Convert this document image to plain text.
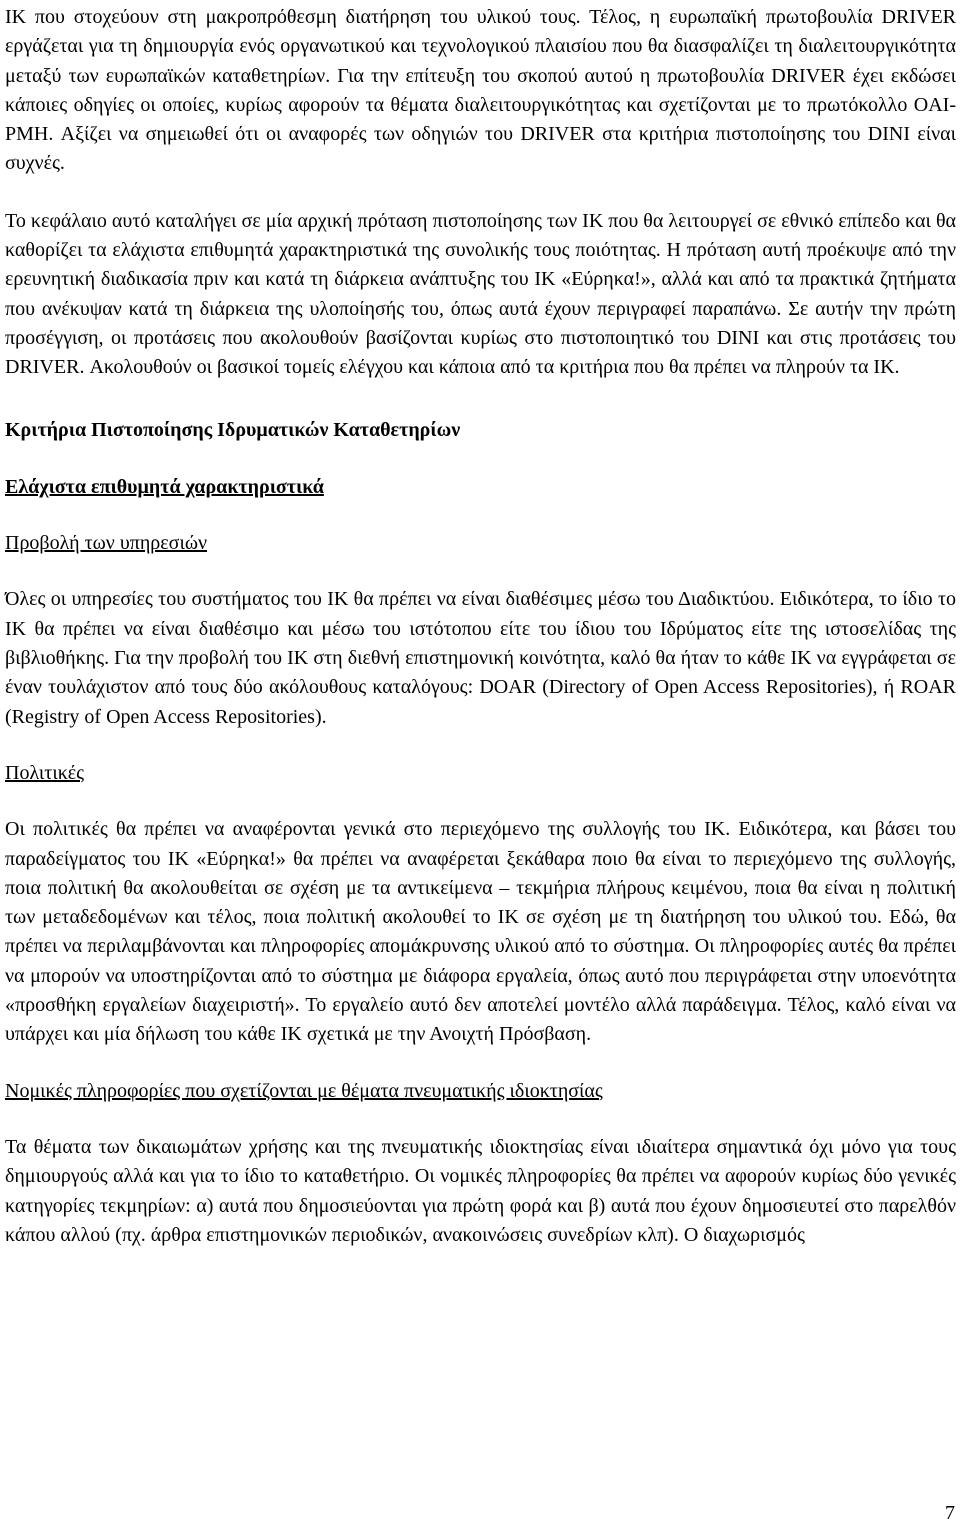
ΙΚ που στοχεύουν στη μακροπρόθεσμη διατήρηση του υλικού τους. Τέλος, η ευρωπαϊκή πρωτοβουλία DRIVER εργάζεται για τη δημιουργία ενός οργανωτικού και τεχνολογικού πλαισίου που θα διασφαλίζει τη διαλειτουργικότητα μεταξύ των ευρωπαϊκών καταθετηρίων. Για την επίτευξη του σκοπού αυτού η πρωτοβουλία DRIVER έχει εκδώσει κάποιες οδηγίες οι οποίες, κυρίως αφορούν τα θέματα διαλειτουργικότητας και σχετίζονται με το πρωτόκολλο OAI-PMH. Αξίζει να σημειωθεί ότι οι αναφορές των οδηγιών του DRIVER στα κριτήρια πιστοποίησης του DINI είναι συχνές.

Το κεφάλαιο αυτό καταλήγει σε μία αρχική πρόταση πιστοποίησης των ΙΚ που θα λειτουργεί σε εθνικό επίπεδο και θα καθορίζει τα ελάχιστα επιθυμητά χαρακτηριστικά της συνολικής τους ποιότητας. Η πρόταση αυτή προέκυψε από την ερευνητική διαδικασία πριν και κατά τη διάρκεια ανάπτυξης του ΙΚ «Εύρηκα!», αλλά και από τα πρακτικά ζητήματα που ανέκυψαν κατά τη διάρκεια της υλοποίησής του, όπως αυτά έχουν περιγραφεί παραπάνω. Σε αυτήν την πρώτη προσέγγιση, οι προτάσεις που ακολουθούν βασίζονται κυρίως στο πιστοποιητικό του DINI και στις προτάσεις του DRIVER. Ακολουθούν οι βασικοί τομείς ελέγχου και κάποια από τα κριτήρια που θα πρέπει να πληρούν τα ΙΚ.

Κριτήρια Πιστοποίησης Ιδρυματικών Καταθετηρίων

Ελάχιστα επιθυμητά χαρακτηριστικά

Προβολή των υπηρεσιών

Όλες οι υπηρεσίες του συστήματος του ΙΚ θα πρέπει να είναι διαθέσιμες μέσω του Διαδικτύου. Ειδικότερα, το ίδιο το ΙΚ θα πρέπει να είναι διαθέσιμο και μέσω του ιστότοπου είτε του ίδιου του Ιδρύματος είτε της ιστοσελίδας της βιβλιοθήκης. Για την προβολή του ΙΚ στη διεθνή επιστημονική κοινότητα, καλό θα ήταν το κάθε ΙΚ να εγγράφεται σε έναν τουλάχιστον από τους δύο ακόλουθους καταλόγους: DOAR (Directory of Open Access Repositories), ή ROAR (Registry of Open Access Repositories).

Πολιτικές

Οι πολιτικές θα πρέπει να αναφέρονται γενικά στο περιεχόμενο της συλλογής του ΙΚ. Ειδικότερα, και βάσει του παραδείγματος του ΙΚ «Εύρηκα!» θα πρέπει να αναφέρεται ξεκάθαρα ποιο θα είναι το περιεχόμενο της συλλογής, ποια πολιτική θα ακολουθείται σε σχέση με τα αντικείμενα – τεκμήρια πλήρους κειμένου, ποια θα είναι η πολιτική των μεταδεδομένων και τέλος, ποια πολιτική ακολουθεί το ΙΚ σε σχέση με τη διατήρηση του υλικού του. Εδώ, θα πρέπει να περιλαμβάνονται και πληροφορίες απομάκρυνσης υλικού από το σύστημα. Οι πληροφορίες αυτές θα πρέπει να μπορούν να υποστηρίζονται από το σύστημα με διάφορα εργαλεία, όπως αυτό που περιγράφεται στην υποενότητα «προσθήκη εργαλείων διαχειριστή». Το εργαλείο αυτό δεν αποτελεί μοντέλο αλλά παράδειγμα. Τέλος, καλό είναι να υπάρχει και μία δήλωση του κάθε ΙΚ σχετικά με την Ανοιχτή Πρόσβαση.

Νομικές πληροφορίες που σχετίζονται με θέματα πνευματικής ιδιοκτησίας

Τα θέματα των δικαιωμάτων χρήσης και της πνευματικής ιδιοκτησίας είναι ιδιαίτερα σημαντικά όχι μόνο για τους δημιουργούς αλλά και για το ίδιο το καταθετήριο. Οι νομικές πληροφορίες θα πρέπει να αφορούν κυρίως δύο γενικές κατηγορίες τεκμηρίων: α) αυτά που δημοσιεύονται για πρώτη φορά και β) αυτά που έχουν δημοσιευτεί στο παρελθόν κάπου αλλού (πχ. άρθρα επιστημονικών περιοδικών, ανακοινώσεις συνεδρίων κλπ). Ο διαχωρισμός

7
